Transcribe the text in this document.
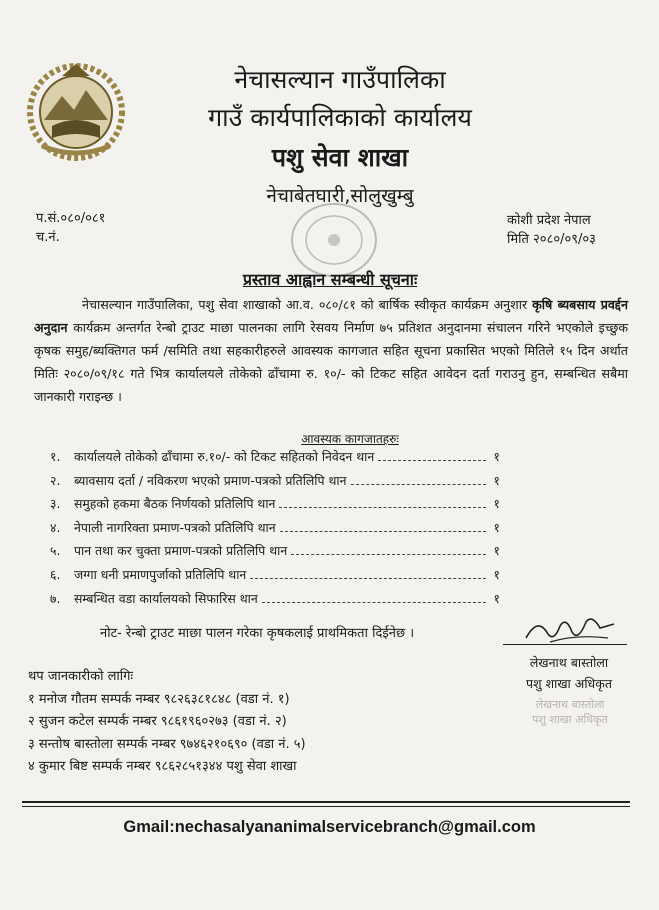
नेचासल्यान गाउँपालिका
गाउँ कार्यपालिकाको कार्यालय
पशु सेवा शाखा
नेचाबेतघारी,सोलुखुम्बु
प.सं.०८०/०८१
च.नं.
कोशी प्रदेश नेपाल
मिति २०८०/०९/०३
प्रस्ताव आह्वान सम्बन्धी सूचनाः
नेचासल्यान गाउँपालिका, पशु सेवा शाखाको आ.व. ०८०/८१ को बार्षिक स्वीकृत कार्यक्रम अनुशार कृषि ब्यबसाय प्रवर्द्दन अनुदान कार्यक्रम अन्तर्गत रेन्बो ट्राउट माछा पालनका लागि रेसवय निर्माण ७५ प्रतिशत अनुदानमा संचालन गरिने भएकोले इच्छुक कृषक समुह/ब्यक्तिगत फर्म /समिति तथा सहकारीहरुले आवस्यक कागजात सहित सूचना प्रकासित भएको मितिले १५ दिन अर्थात मितिः २०८०/०९/१८ गते भित्र कार्यालयले तोकेको ढाँचामा रु. १०/- को टिकट सहित आवेदन दर्ता गराउनु हुन, सम्बन्धित सबैमा जानकारी गराइन्छ ।
आवस्यक कागजातहरुः
१.	कार्यालयले तोकेको ढाँचामा रु.१०/- को टिकट सहितको निवेदन थान	१
२.	ब्यावसाय दर्ता / नविकरण भएको प्रमाण-पत्रको प्रतिलिपि थान	१
३.	समुहको हकमा बैठक निर्णयको प्रतिलिपि थान	१
४.	नेपाली नागरिक्ता प्रमाण-पत्रको प्रतिलिपि थान	१
५.	पान तथा कर चुक्ता प्रमाण-पत्रको प्रतिलिपि थान	१
६.	जग्गा धनी प्रमाणपुर्जाको प्रतिलिपि थान	१
७.	सम्बन्धित वडा कार्यालयको सिफारिस थान	१
नोट- रेन्बो ट्राउट माछा पालन गरेका कृषकलाई प्राथमिकता दिईनेछ ।
लेखनाथ बास्तोला
पशु शाखा अधिकृत
लेखनाथ बास्तोला
पशु शाखा अधिकृत
थप जानकारीको लागिः
१ मनोज गौतम सम्पर्क नम्बर ९८२६३८१८४८ (वडा नं. १)
२ सुजन कटेल सम्पर्क नम्बर ९८६१९६०२७३ (वडा नं. २)
३ सन्तोष बास्तोला सम्पर्क नम्बर ९७४६२१०६९० (वडा नं. ५)
४ कुमार बिष्ट सम्पर्क नम्बर ९८६२८५१३४४ पशु सेवा शाखा
Gmail:nechasalyananimalservicebranch@gmail.com
